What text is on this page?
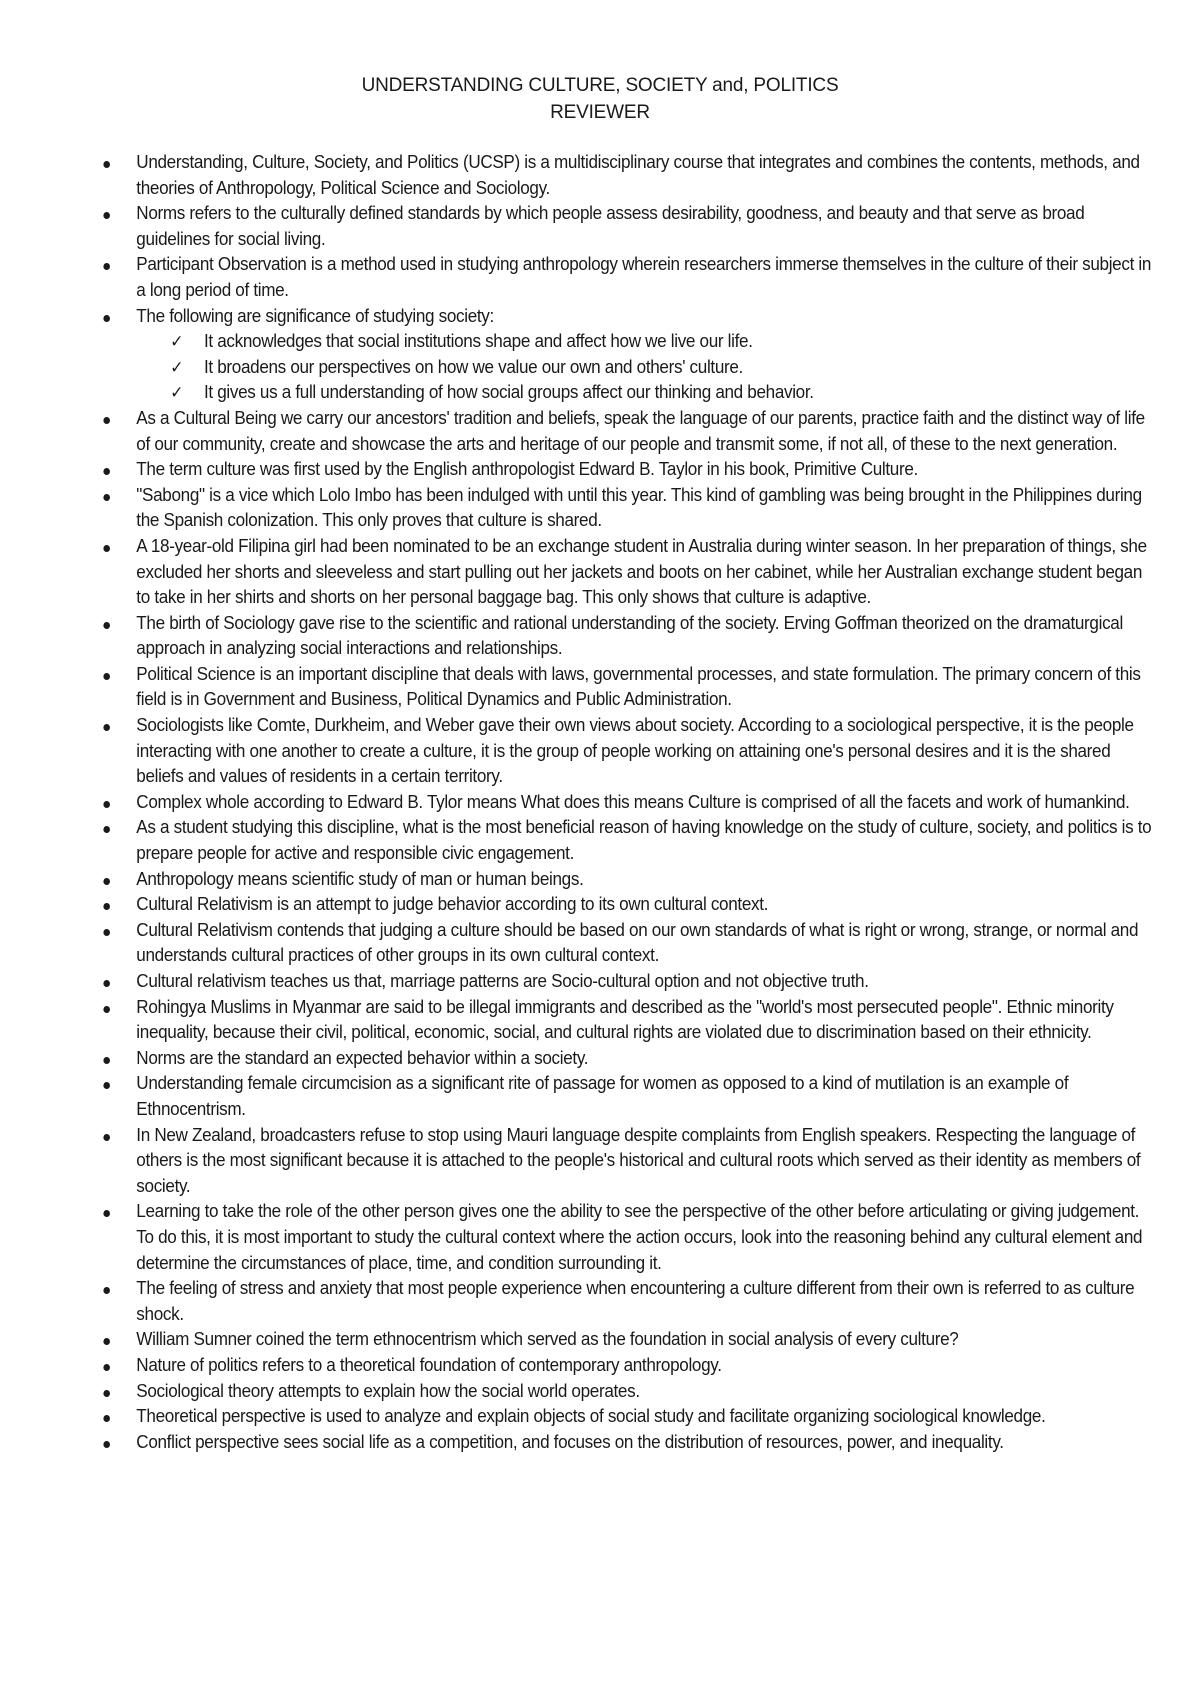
UNDERSTANDING CULTURE, SOCIETY and, POLITICS
REVIEWER
Understanding, Culture, Society, and Politics (UCSP) is a multidisciplinary course that integrates and combines the contents, methods, and theories of Anthropology, Political Science and Sociology.
Norms refers to the culturally defined standards by which people assess desirability, goodness, and beauty and that serve as broad guidelines for social living.
Participant Observation is a method used in studying anthropology wherein researchers immerse themselves in the culture of their subject in a long period of time.
The following are significance of studying society:
✓ It acknowledges that social institutions shape and affect how we live our life.
✓ It broadens our perspectives on how we value our own and others' culture.
✓ It gives us a full understanding of how social groups affect our thinking and behavior.
As a Cultural Being we carry our ancestors' tradition and beliefs, speak the language of our parents, practice faith and the distinct way of life of our community, create and showcase the arts and heritage of our people and transmit some, if not all, of these to the next generation.
The term culture was first used by the English anthropologist Edward B. Taylor in his book, Primitive Culture.
"Sabong" is a vice which Lolo Imbo has been indulged with until this year. This kind of gambling was being brought in the Philippines during the Spanish colonization. This only proves that culture is shared.
A 18-year-old Filipina girl had been nominated to be an exchange student in Australia during winter season. In her preparation of things, she excluded her shorts and sleeveless and start pulling out her jackets and boots on her cabinet, while her Australian exchange student began to take in her shirts and shorts on her personal baggage bag. This only shows that culture is adaptive.
The birth of Sociology gave rise to the scientific and rational understanding of the society. Erving Goffman theorized on the dramaturgical approach in analyzing social interactions and relationships.
Political Science is an important discipline that deals with laws, governmental processes, and state formulation. The primary concern of this field is in Government and Business, Political Dynamics and Public Administration.
Sociologists like Comte, Durkheim, and Weber gave their own views about society. According to a sociological perspective, it is the people interacting with one another to create a culture, it is the group of people working on attaining one's personal desires and it is the shared beliefs and values of residents in a certain territory.
Complex whole according to Edward B. Tylor means What does this means Culture is comprised of all the facets and work of humankind.
As a student studying this discipline, what is the most beneficial reason of having knowledge on the study of culture, society, and politics is to prepare people for active and responsible civic engagement.
Anthropology means scientific study of man or human beings.
Cultural Relativism is an attempt to judge behavior according to its own cultural context.
Cultural Relativism contends that judging a culture should be based on our own standards of what is right or wrong, strange, or normal and understands cultural practices of other groups in its own cultural context.
Cultural relativism teaches us that, marriage patterns are Socio-cultural option and not objective truth.
Rohingya Muslims in Myanmar are said to be illegal immigrants and described as the "world's most persecuted people". Ethnic minority inequality, because their civil, political, economic, social, and cultural rights are violated due to discrimination based on their ethnicity.
Norms are the standard an expected behavior within a society.
Understanding female circumcision as a significant rite of passage for women as opposed to a kind of mutilation is an example of Ethnocentrism.
In New Zealand, broadcasters refuse to stop using Mauri language despite complaints from English speakers. Respecting the language of others is the most significant because it is attached to the people's historical and cultural roots which served as their identity as members of society.
Learning to take the role of the other person gives one the ability to see the perspective of the other before articulating or giving judgement. To do this, it is most important to study the cultural context where the action occurs, look into the reasoning behind any cultural element and determine the circumstances of place, time, and condition surrounding it.
The feeling of stress and anxiety that most people experience when encountering a culture different from their own is referred to as culture shock.
William Sumner coined the term ethnocentrism which served as the foundation in social analysis of every culture?
Nature of politics refers to a theoretical foundation of contemporary anthropology.
Sociological theory attempts to explain how the social world operates.
Theoretical perspective is used to analyze and explain objects of social study and facilitate organizing sociological knowledge.
Conflict perspective sees social life as a competition, and focuses on the distribution of resources, power, and inequality.
